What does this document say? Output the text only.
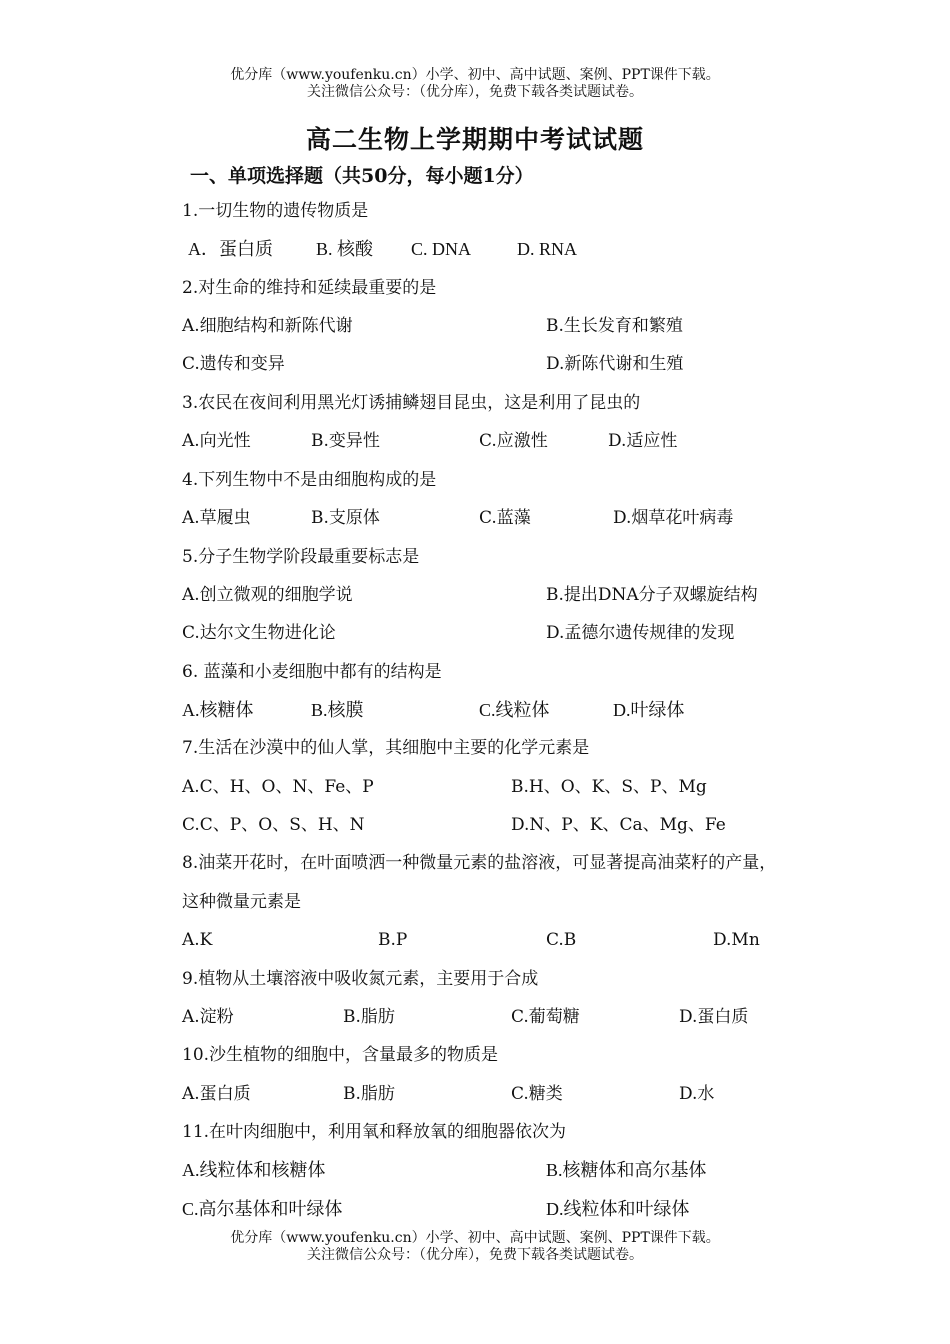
优分库（www.youfenku.cn）小学、初中、高中试题、案例、PPT课件下载。
关注微信公众号：（优分库），免费下载各类试题试卷。
高二生物上学期期中考试试题
一、单项选择题（共50分，每小题1分）
1.一切生物的遗传物质是
A．蛋白质 B. 核酸 C. DNA	D. RNA
2.对生命的维持和延续最重要的是
A.细胞结构和新陈代谢	B.生长发育和繁殖
C.遗传和变异	D.新陈代谢和生殖
3.农民在夜间利用黑光灯诱捕鳞翅目昆虫，这是利用了昆虫的
A.向光性	B.变异性	C.应激性	D.适应性
4.下列生物中不是由细胞构成的是
A.草履虫	B.支原体	C.蓝藻	D.烟草花叶病毒
5.分子生物学阶段最重要标志是
A.创立微观的细胞学说	B.提出DNA分子双螺旋结构
C.达尔文生物进化论	D.孟德尔遗传规律的发现
6. 蓝藻和小麦细胞中都有的结构是
A.核糖体	B.核膜	C.线粒体	D.叶绿体
7.生活在沙漠中的仙人掌，其细胞中主要的化学元素是
A.C、H、O、N、Fe、P	B.H、O、K、S、P、Mg
C.C、P、O、S、H、N	D.N、P、K、Ca、Mg、Fe
8.油菜开花时，在叶面喷洒一种微量元素的盐溶液，可显著提高油菜籽的产量，
这种微量元素是
A.K	B.P	C.B	D.Mn
9.植物从土壤溶液中吸收氮元素，主要用于合成
A.淀粉	B.脂肪	C.葡萄糖	D.蛋白质
10.沙生植物的细胞中，含量最多的物质是
A.蛋白质	B.脂肪	C.糖类	D.水
11.在叶肉细胞中，利用氧和释放氧的细胞器依次为
A.线粒体和核糖体	B.核糖体和高尔基体
C.高尔基体和叶绿体	D.线粒体和叶绿体
优分库（www.youfenku.cn）小学、初中、高中试题、案例、PPT课件下载。
关注微信公众号：（优分库），免费下载各类试题试卷。
